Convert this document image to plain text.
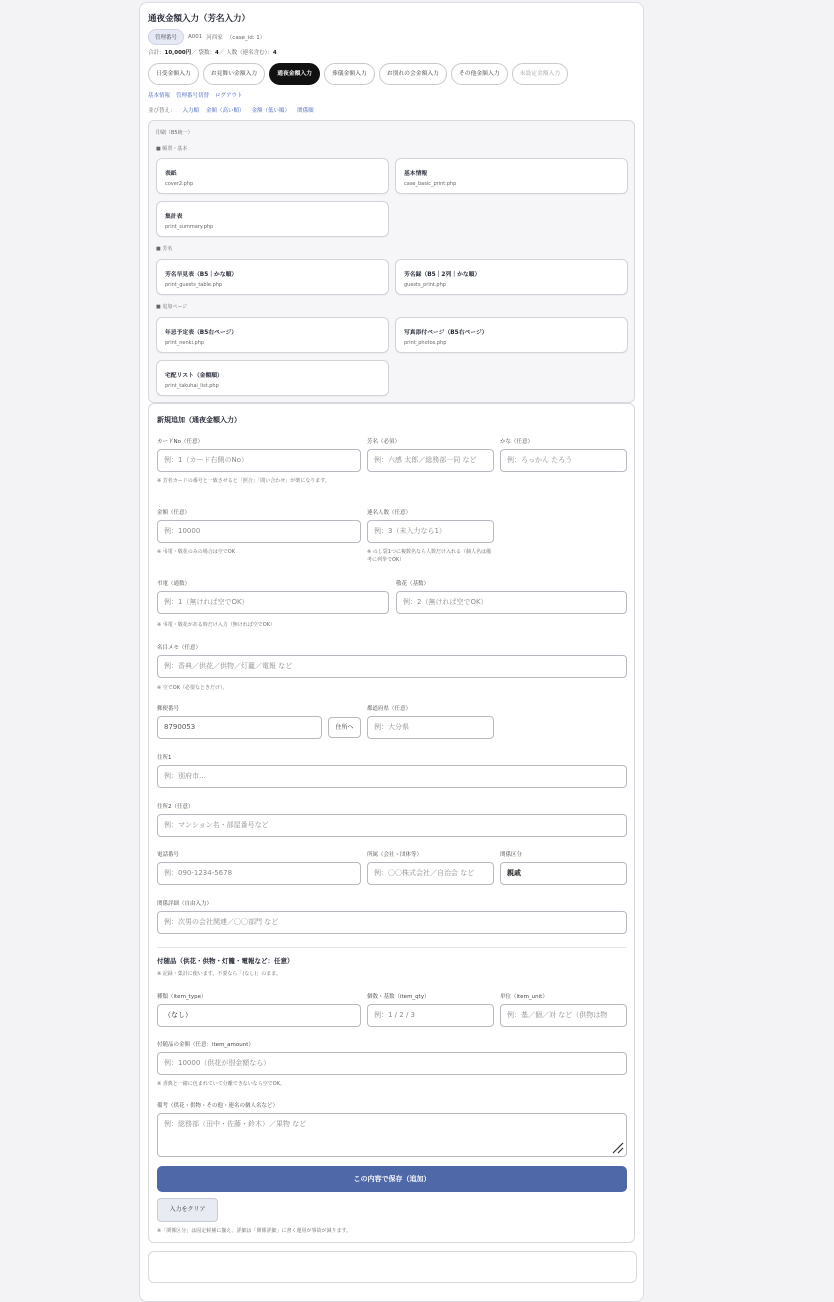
通夜金額入力（芳名入力）
管理番号	A001 河西家 （case_id: 1）
合計：10,000円／ 袋数：4／ 人数（連名含む）：4
日受金額入力	お見舞い金額入力	通夜金額入力	葬儀金額入力	お別れの会金額入力	その他金額入力	未設定金額入力
基本情報 管理番号切替 ログアウト
並び替え： 入力順 金額（高い順） 金額（低い順） 関係順
印刷（B5統一）
■ 帳票・基本
表紙
cover2.php
基本情報
case_basic_print.php
集計表
print_summary.php
■ 芳名
芳名早見表（B5｜かな順）
print_guests_table.php
芳名録（B5｜2列｜かな順）
guests_print.php
■ 追加ページ
年忌予定表（B5右ページ）
print_nenki.php
写真添付ページ（B5右ページ）
print_photos.php
宅配リスト（金額順）
print_takuhai_list.php
新規追加（通夜金額入力）
カードNo（任意）
例：1（カード右側のNo）
芳名（必須）
例：六感 太郎／総務部一同 など
かな（任意）
例：ろっかん たろう
※ 芳名カードの番号と一致させると「照合」「問い合わせ」が楽になります。
金額（任意）
例：10000
連名人数（任意）
例：3（未入力なら1）
※ 弔電・敬花のみの場合は空でOK	※ のし袋1つに複数名なら人数だけ入れる（個人名は備考に列挙でOK）
弔電（通数）
例：1（無ければ空でOK）
敬花（基数）
例：2（無ければ空でOK）
※ 弔電・敬花がある時だけ入力（無ければ空でOK）
名目メモ（任意）
例：香典／供花／供物／灯籠／電報 など
※ 空でOK（必要なときだけ）。
郵便番号
8790053	住所へ
都道府県（任意）
例：大分県
住所1
例：別府市…
住所2（任意）
例：マンション名・部屋番号など
電話番号
例：090-1234-5678
所属（会社・団体等）
例：〇〇株式会社／自治会 など
関係区分
親戚
関係詳細（自由入力）
例：次男の会社関連／〇〇部門 など
付随品（供花・供物・灯籠・電報など：任意）
※ 記録・集計に使います。不要なら「(なし)」のまま。
種類（item_type）
（なし）
個数・基数（item_qty）
例：1 / 2 / 3
単位（item_unit）
例：基／個／対 など（供物は物
付随品の金額（任意：item_amount）
例：10000（供花が別金額なら）
※ 香典と一緒に包まれていて分離できないなら空でOK。
備考（供花・供物・その他・連名の個人名など）
例：総務部（田中・佐藤・鈴木）／果物 など
この内容で保存（追加）
入力をクリア
※「関係区分」は固定候補に揃え、詳細は「関係詳細」に書く運用が事故が減ります。
